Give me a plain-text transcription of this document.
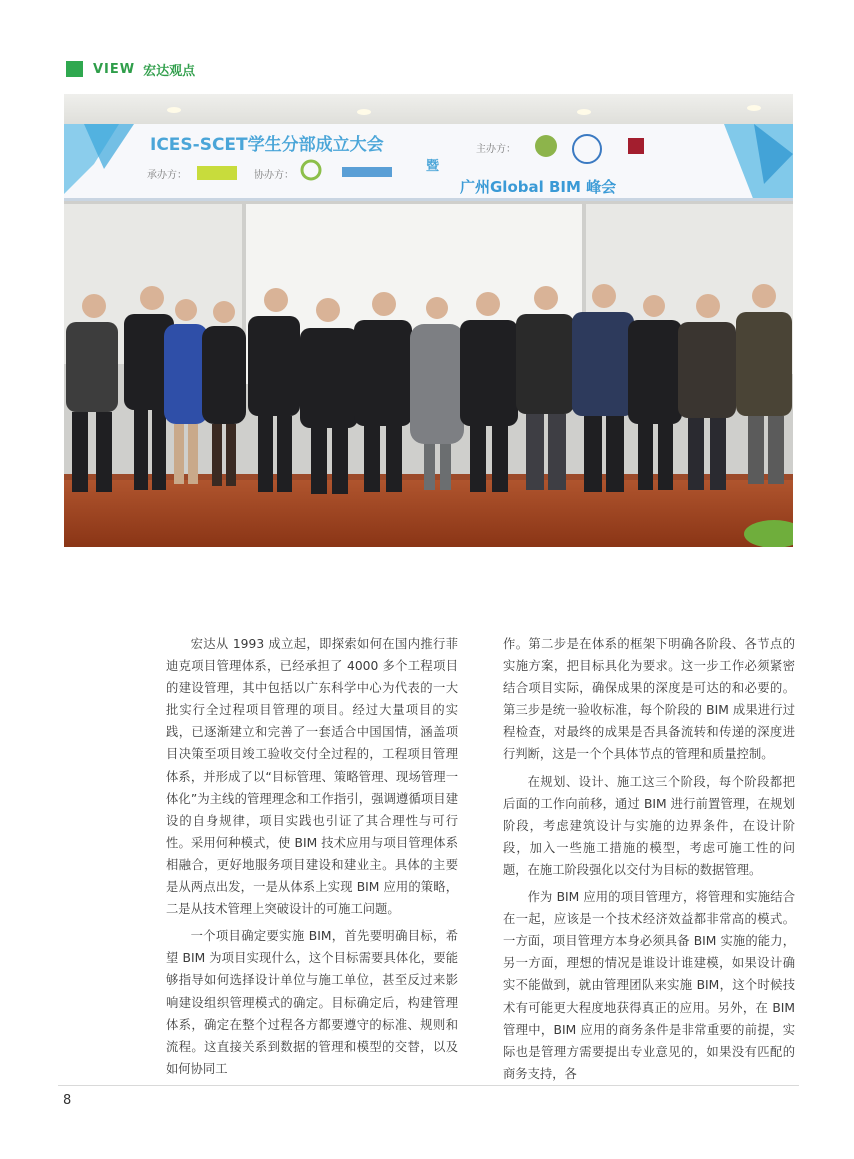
VIEW 宏达观点
ICES-SCET学生分部成立大会
承办方：	协办方：
暨
主办方：
广州Global BIM 峰会

宏达从 1993 成立起，即探索如何在国内推行菲迪克项目管理体系，已经承担了 4000 多个工程项目的建设管理，其中包括以广东科学中心为代表的一大批实行全过程项目管理的项目。经过大量项目的实践，已逐渐建立和完善了一套适合中国国情，涵盖项目决策至项目竣工验收交付全过程的，工程项目管理体系，并形成了以“目标管理、策略管理、现场管理一体化”为主线的管理理念和工作指引，强调遵循项目建设的自身规律，项目实践也引证了其合理性与可行性。采用何种模式，使 BIM 技术应用与项目管理体系相融合，更好地服务项目建设和建业主。具体的主要是从两点出发，一是从体系上实现 BIM 应用的策略，二是从技术管理上突破设计的可施工问题。

一个项目确定要实施 BIM，首先要明确目标，希望 BIM 为项目实现什么，这个目标需要具体化，要能够指导如何选择设计单位与施工单位，甚至反过来影响建设组织管理模式的确定。目标确定后，构建管理体系，确定在整个过程各方都要遵守的标准、规则和流程。这直接关系到数据的管理和模型的交替，以及如何协同工

作。第二步是在体系的框架下明确各阶段、各节点的实施方案，把目标具化为要求。这一步工作必须紧密结合项目实际，确保成果的深度是可达的和必要的。第三步是统一验收标准，每个阶段的 BIM 成果进行过程检查，对最终的成果是否具备流转和传递的深度进行判断，这是一个个具体节点的管理和质量控制。

在规划、设计、施工这三个阶段，每个阶段都把后面的工作向前移，通过 BIM 进行前置管理，在规划阶段，考虑建筑设计与实施的边界条件，在设计阶段，加入一些施工措施的模型，考虑可施工性的问题，在施工阶段强化以交付为目标的数据管理。

作为 BIM 应用的项目管理方，将管理和实施结合在一起，应该是一个技术经济效益都非常高的模式。一方面，项目管理方本身必须具备 BIM 实施的能力，另一方面，理想的情况是谁设计谁建模，如果设计确实不能做到，就由管理团队来实施 BIM，这个时候技术有可能更大程度地获得真正的应用。另外，在 BIM 管理中，BIM 应用的商务条件是非常重要的前提，实际也是管理方需要提出专业意见的，如果没有匹配的商务支持，各

8
